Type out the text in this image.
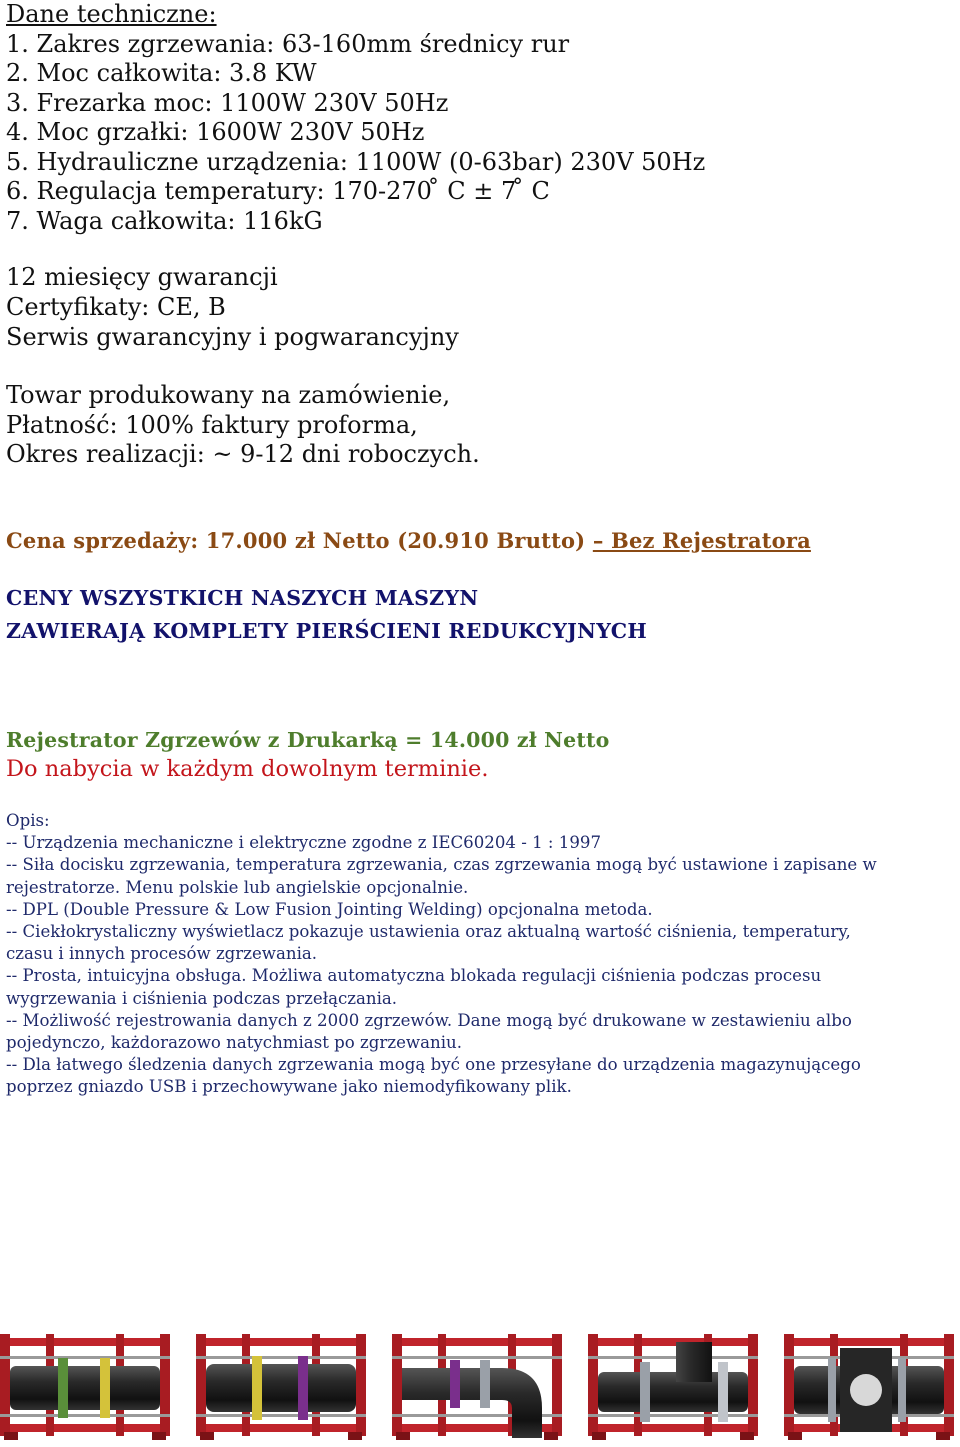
Dane techniczne:
1. Zakres zgrzewania: 63-160mm średnicy rur
2. Moc całkowita: 3.8 KW
3. Frezarka moc: 1100W 230V 50Hz
4. Moc grzałki: 1600W 230V 50Hz
5. Hydrauliczne urządzenia: 1100W (0-63bar) 230V 50Hz
6. Regulacja temperatury: 170-270 ̊ C ± 7 ̊ C
7. Waga całkowita: 116kG
12 miesięcy gwarancji
Certyfikaty: CE, B
Serwis gwarancyjny i pogwarancyjny
Towar produkowany na zamówienie,
Płatność: 100% faktury proforma,
Okres realizacji: ~ 9-12 dni roboczych.
Cena sprzedaży: 17.000 zł Netto (20.910 Brutto) – Bez Rejestratora
CENY WSZYSTKICH NASZYCH MASZYN
ZAWIERAJĄ KOMPLETY PIERŚCIENI REDUKCYJNYCH
Rejestrator Zgrzewów z Drukarką = 14.000 zł Netto
Do nabycia w każdym dowolnym terminie.
Opis:
-- Urządzenia mechaniczne i elektryczne zgodne z IEC60204 - 1 : 1997
-- Siła docisku zgrzewania, temperatura zgrzewania, czas zgrzewania mogą być ustawione i zapisane w
rejestratorze. Menu polskie lub angielskie opcjonalnie.
-- DPL (Double Pressure & Low Fusion Jointing Welding) opcjonalna metoda.
-- Ciekłokrystaliczny wyświetlacz pokazuje ustawienia oraz aktualną wartość ciśnienia, temperatury,
czasu i innych procesów zgrzewania.
-- Prosta, intuicyjna obsługa. Możliwa automatyczna blokada regulacji ciśnienia podczas procesu
wygrzewania i ciśnienia podczas przełączania.
-- Możliwość rejestrowania danych z 2000 zgrzewów. Dane mogą być drukowane w zestawieniu albo
pojedynczo, każdorazowo natychmiast po zgrzewaniu.
-- Dla łatwego śledzenia danych zgrzewania mogą być one przesyłane do urządzenia magazynującego
poprzez gniazdo USB i przechowywane jako niemodyfikowany plik.
